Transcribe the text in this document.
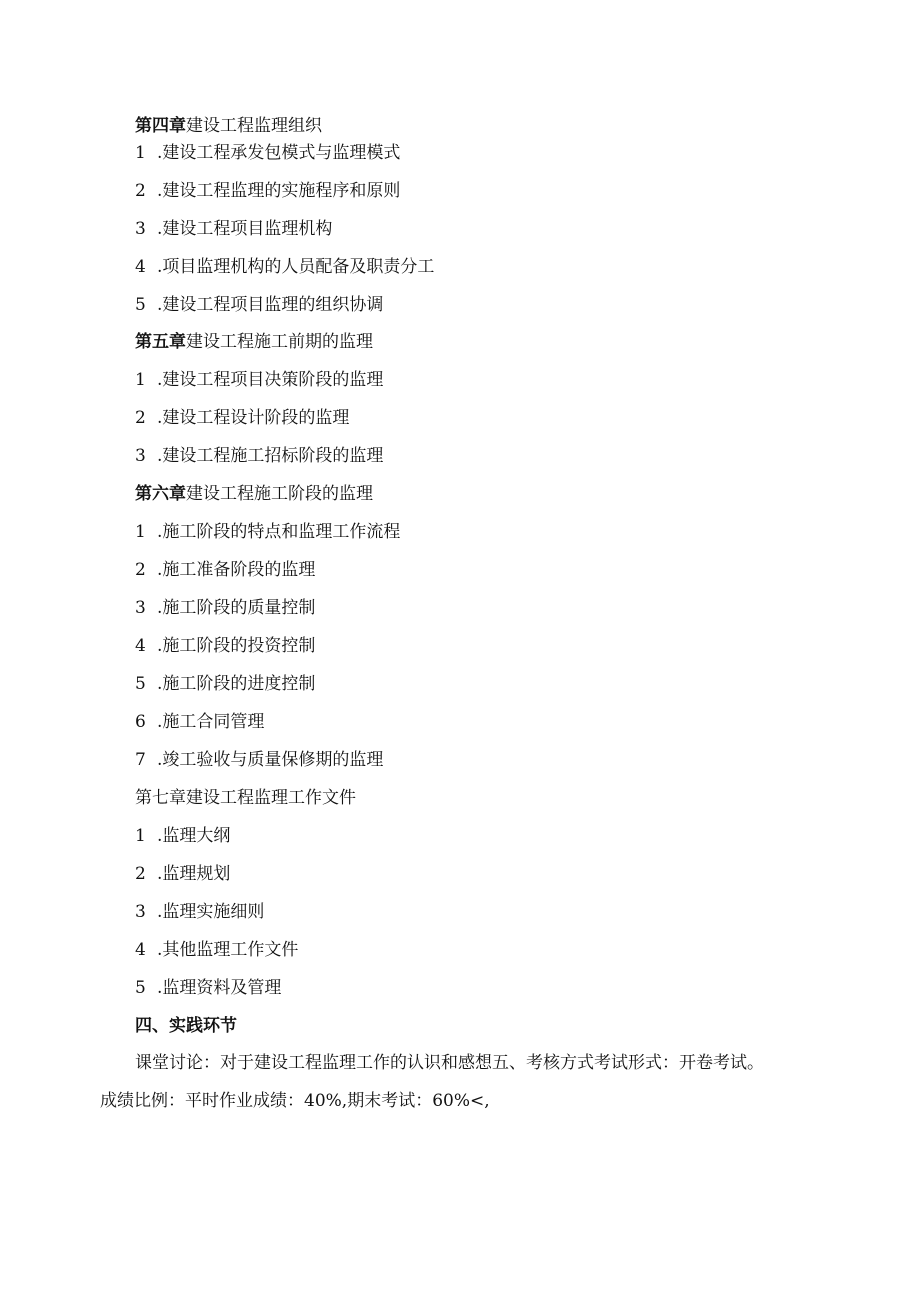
第四章建设工程监理组织
1 .建设工程承发包模式与监理模式
2 .建设工程监理的实施程序和原则
3 .建设工程项目监理机构
4 .项目监理机构的人员配备及职责分工
5 .建设工程项目监理的组织协调
第五章建设工程施工前期的监理
1 .建设工程项目决策阶段的监理
2 .建设工程设计阶段的监理
3 .建设工程施工招标阶段的监理
第六章建设工程施工阶段的监理
1 .施工阶段的特点和监理工作流程
2 .施工准备阶段的监理
3 .施工阶段的质量控制
4 .施工阶段的投资控制
5 .施工阶段的进度控制
6 .施工合同管理
7 .竣工验收与质量保修期的监理
第七章建设工程监理工作文件
1 .监理大纲
2 .监理规划
3 .监理实施细则
4 .其他监理工作文件
5 .监理资料及管理
四、实践环节
课堂讨论：对于建设工程监理工作的认识和感想五、考核方式考试形式：开卷考试。
成绩比例：平时作业成绩：40%,期末考试：60%<,
